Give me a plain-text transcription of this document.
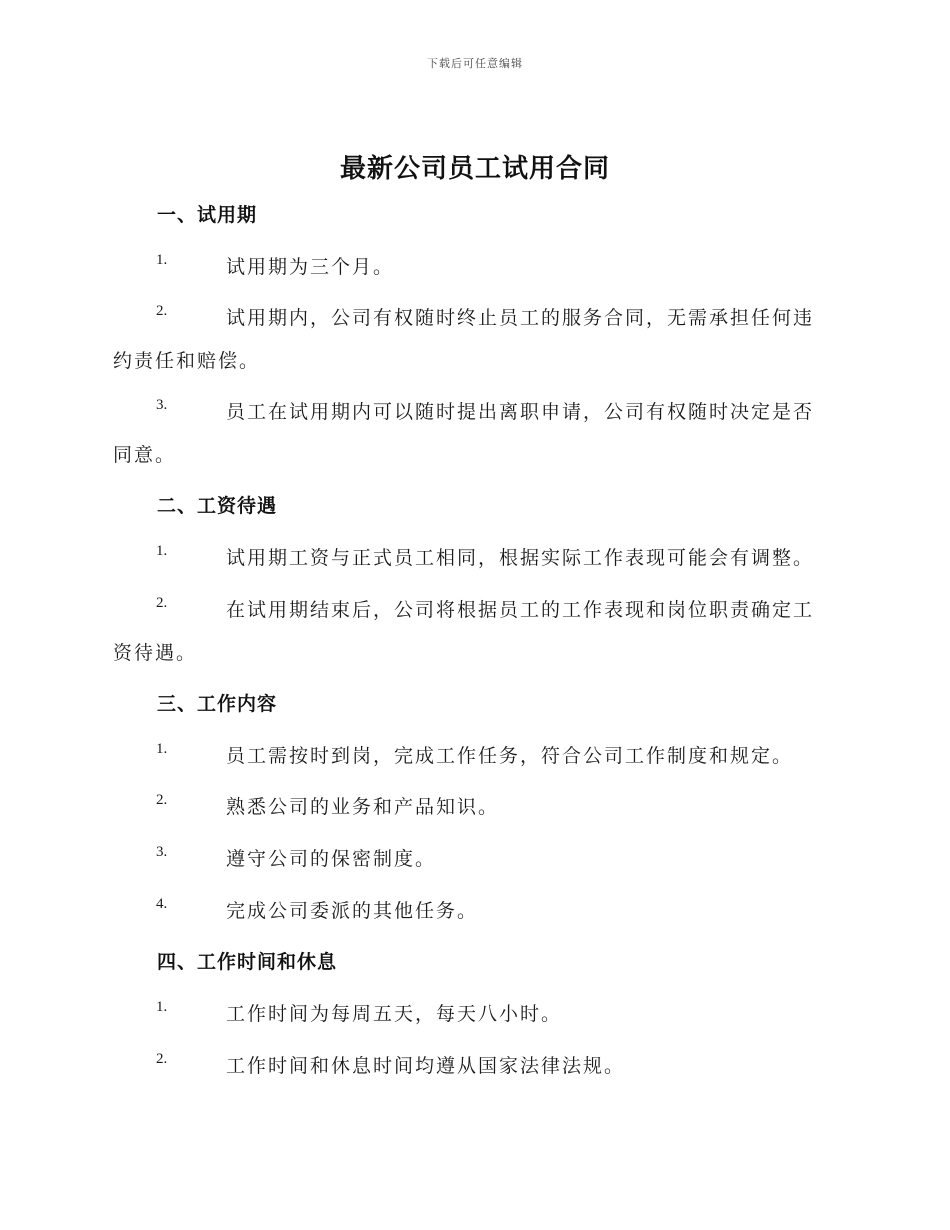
下载后可任意编辑
最新公司员工试用合同
一、试用期
1.	试用期为三个月。
2.	试用期内，公司有权随时终止员工的服务合同，无需承担任何违
约责任和赔偿。
3.	员工在试用期内可以随时提出离职申请，公司有权随时决定是否
同意。
二、工资待遇
1.	试用期工资与正式员工相同，根据实际工作表现可能会有调整。
2.	在试用期结束后，公司将根据员工的工作表现和岗位职责确定工
资待遇。
三、工作内容
1.	员工需按时到岗，完成工作任务，符合公司工作制度和规定。
2.	熟悉公司的业务和产品知识。
3.	遵守公司的保密制度。
4.	完成公司委派的其他任务。
四、工作时间和休息
1.	工作时间为每周五天，每天八小时。
2.	工作时间和休息时间均遵从国家法律法规。
